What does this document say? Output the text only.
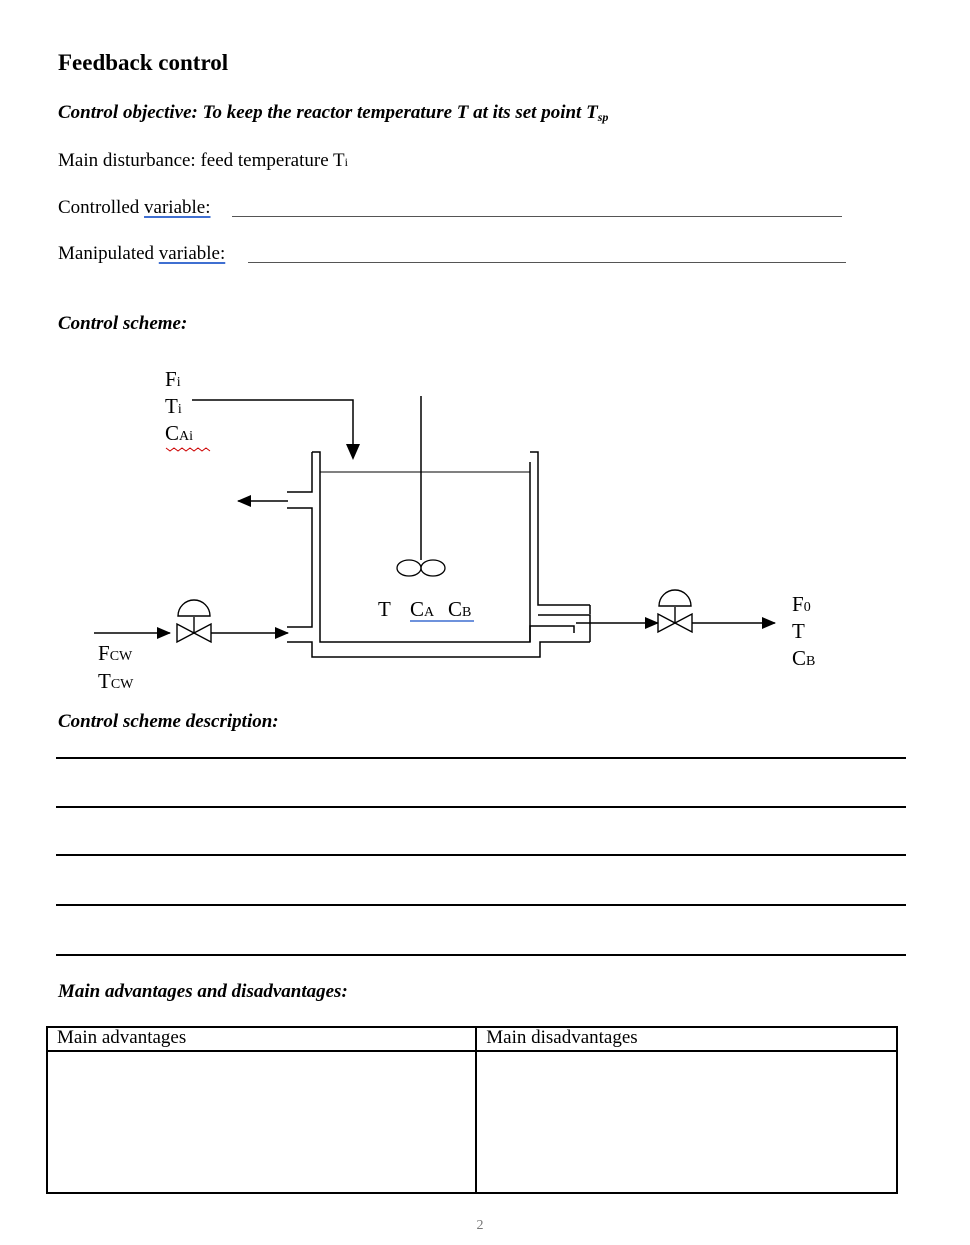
Feedback control
Control objective: To keep the reactor temperature T at its set point $T_{sp}$
Main disturbance: feed temperature Ti
Controlled variable:
Manipulated variable:
Control scheme:
Fi
Ti
CAi
T CA CB	F0
T
CB
FCW
TCW
Control scheme description:
Main advantages and disadvantages:
Main advantages	Main disadvantages

2
